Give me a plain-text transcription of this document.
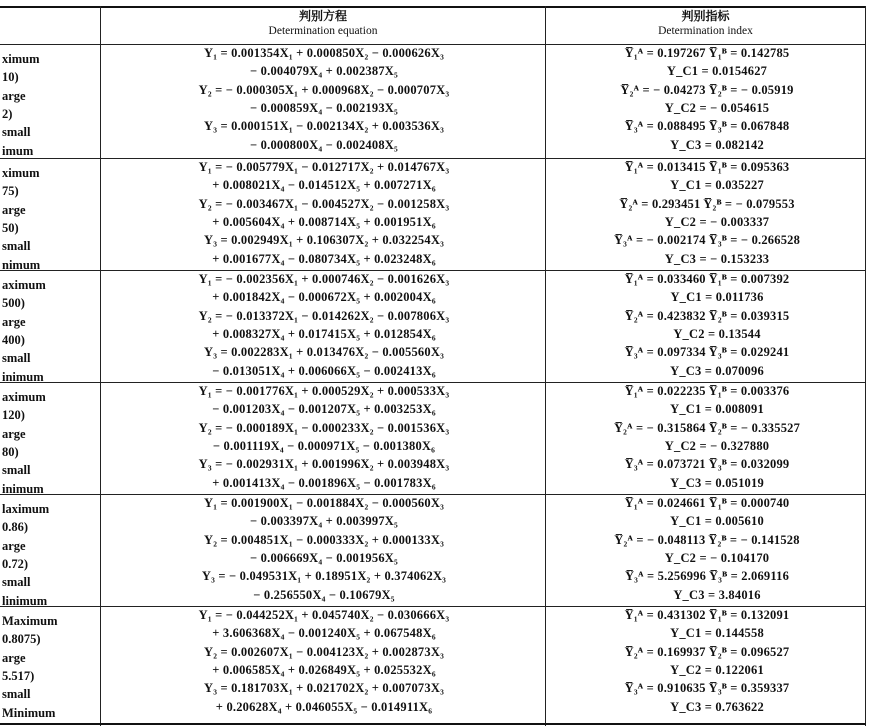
判别方程
Determination equation
判别指标
Determination index
ximum	Y₁ = 0.001354X₁ + 0.000850X₂ − 0.000626X₃	Y̅₁ᴬ = 0.197267 Y̅₁ᴮ = 0.142785
10)	− 0.004079X₄ + 0.002387X₅	Y_C1 = 0.0154627
arge	Y₂ = − 0.000305X₁ + 0.000968X₂ − 0.000707X₃	Y̅₂ᴬ = − 0.04273 Y̅₂ᴮ = − 0.05919
2)	− 0.000859X₄ − 0.002193X₅	Y_C2 = − 0.054615
small	Y₃ = 0.000151X₁ − 0.002134X₂ + 0.003536X₃	Y̅₃ᴬ = 0.088495 Y̅₃ᴮ = 0.067848
imum	− 0.000800X₄ − 0.002408X₅	Y_C3 = 0.082142
ximum	Y₁ = − 0.005779X₁ − 0.012717X₂ + 0.014767X₃	Y̅₁ᴬ = 0.013415 Y̅₁ᴮ = 0.095363
75)	+ 0.008021X₄ − 0.014512X₅ + 0.007271X₆	Y_C1 = 0.035227
arge	Y₂ = − 0.003467X₁ − 0.004527X₂ − 0.001258X₃	Y̅₂ᴬ = 0.293451 Y̅₂ᴮ = − 0.079553
50)	+ 0.005604X₄ + 0.008714X₅ + 0.001951X₆	Y_C2 = − 0.003337
small	Y₃ = 0.002949X₁ + 0.106307X₂ + 0.032254X₃	Y̅₃ᴬ = − 0.002174 Y̅₃ᴮ = − 0.266528
nimum	+ 0.001677X₄ − 0.080734X₅ + 0.023248X₆	Y_C3 = − 0.153233
aximum	Y₁ = − 0.002356X₁ + 0.000746X₂ − 0.001626X₃	Y̅₁ᴬ = 0.033460 Y̅₁ᴮ = 0.007392
500)	+ 0.001842X₄ − 0.000672X₅ + 0.002004X₆	Y_C1 = 0.011736
arge	Y₂ = − 0.013372X₁ − 0.014262X₂ − 0.007806X₃	Y̅₂ᴬ = 0.423832 Y̅₂ᴮ = 0.039315
400)	+ 0.008327X₄ + 0.017415X₅ + 0.012854X₆	Y_C2 = 0.13544
small	Y₃ = 0.002283X₁ + 0.013476X₂ − 0.005560X₃	Y̅₃ᴬ = 0.097334 Y̅₃ᴮ = 0.029241
inimum	− 0.013051X₄ + 0.006066X₅ − 0.002413X₆	Y_C3 = 0.070096
aximum	Y₁ = − 0.001776X₁ + 0.000529X₂ + 0.000533X₃	Y̅₁ᴬ = 0.022235 Y̅₁ᴮ = 0.003376
120)	− 0.001203X₄ − 0.001207X₅ + 0.003253X₆	Y_C1 = 0.008091
arge	Y₂ = − 0.000189X₁ − 0.000233X₂ − 0.001536X₃	Y̅₂ᴬ = − 0.315864 Y̅₂ᴮ = − 0.335527
80)	− 0.001119X₄ − 0.000971X₅ − 0.001380X₆	Y_C2 = − 0.327880
small	Y₃ = − 0.002931X₁ + 0.001996X₂ + 0.003948X₃	Y̅₃ᴬ = 0.073721 Y̅₃ᴮ = 0.032099
inimum	+ 0.001413X₄ − 0.001896X₅ − 0.001783X₆	Y_C3 = 0.051019
laximum	Y₁ = 0.001900X₁ − 0.001884X₂ − 0.000560X₃	Y̅₁ᴬ = 0.024661 Y̅₁ᴮ = 0.000740
0.86)	− 0.003397X₄ + 0.003997X₅	Y_C1 = 0.005610
arge	Y₂ = 0.004851X₁ − 0.000333X₂ + 0.000133X₃	Y̅₂ᴬ = − 0.048113 Y̅₂ᴮ = − 0.141528
0.72)	− 0.006669X₄ − 0.001956X₅	Y_C2 = − 0.104170
small	Y₃ = − 0.049531X₁ + 0.18951X₂ + 0.374062X₃	Y̅₃ᴬ = 5.256996 Y̅₃ᴮ = 2.069116
linimum	− 0.256550X₄ − 0.10679X₅	Y_C3 = 3.84016
Maximum	Y₁ = − 0.044252X₁ + 0.045740X₂ − 0.030666X₃	Y̅₁ᴬ = 0.431302 Y̅₁ᴮ = 0.132091
0.8075)	+ 3.606368X₄ − 0.001240X₅ + 0.067548X₆	Y_C1 = 0.144558
arge	Y₂ = 0.002607X₁ − 0.004123X₂ + 0.002873X₃	Y̅₂ᴬ = 0.169937 Y̅₂ᴮ = 0.096527
5.517)	+ 0.006585X₄ + 0.026849X₅ + 0.025532X₆	Y_C2 = 0.122061
small	Y₃ = 0.181703X₁ + 0.021702X₂ + 0.007073X₃	Y̅₃ᴬ = 0.910635 Y̅₃ᴮ = 0.359337
Minimum	+ 0.20628X₄ + 0.046055X₅ − 0.014911X₆	Y_C3 = 0.763622
